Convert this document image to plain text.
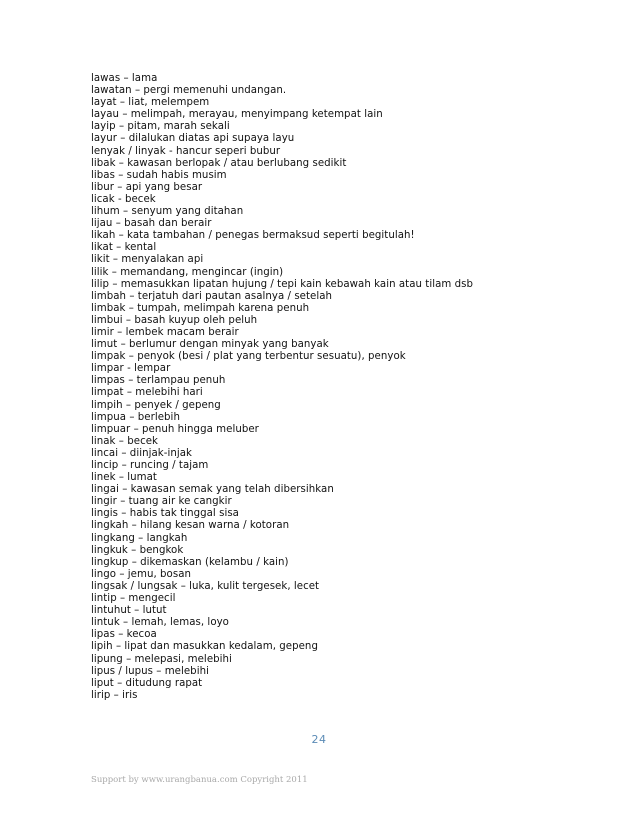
lawas – lama
lawatan – pergi memenuhi undangan.
layat – liat, melempem
layau – melimpah, merayau, menyimpang ketempat lain
layip – pitam, marah sekali
layur – dilalukan diatas api supaya layu
lenyak / linyak - hancur seperi bubur
libak – kawasan berlopak / atau berlubang sedikit
libas – sudah habis musim
libur – api yang besar
licak - becek
lihum – senyum yang ditahan
lijau – basah dan berair
likah – kata tambahan / penegas bermaksud seperti begitulah!
likat – kental
likit – menyalakan api
lilik – memandang, mengincar (ingin)
lilip – memasukkan lipatan hujung / tepi kain kebawah kain atau tilam dsb
limbah – terjatuh dari pautan asalnya / setelah
limbak – tumpah, melimpah karena penuh
limbui – basah kuyup oleh peluh
limir – lembek macam berair
limut – berlumur dengan minyak yang banyak
limpak – penyok (besi / plat yang terbentur sesuatu), penyok
limpar - lempar
limpas – terlampau penuh
limpat – melebihi hari
limpih – penyek / gepeng
limpua – berlebih
limpuar – penuh hingga meluber
linak – becek
lincai – diinjak-injak
lincip – runcing / tajam
linek – lumat
lingai – kawasan semak yang telah dibersihkan
lingir – tuang air ke cangkir
lingis – habis tak tinggal sisa
lingkah – hilang kesan warna / kotoran
lingkang – langkah
lingkuk – bengkok
lingkup – dikemaskan (kelambu / kain)
lingo – jemu, bosan
lingsak / lungsak – luka, kulit tergesek, lecet
lintip – mengecil
lintuhut – lutut
lintuk – lemah, lemas, loyo
lipas – kecoa
lipih – lipat dan masukkan kedalam, gepeng
lipung – melepasi, melebihi
lipus / lupus – melebihi
liput – ditudung rapat
lirip – iris
24
Support by www.urangbanua.com Copyright 2011
